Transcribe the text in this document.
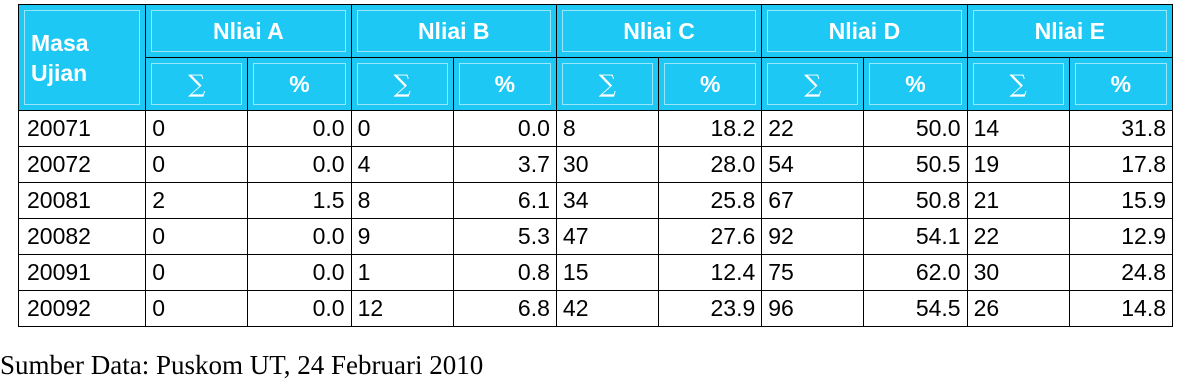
Masa
Ujian	Nliai A		Nliai B		Nliai C		Nliai D		Nliai E	

	∑	%	∑	%	∑	%	∑	%	∑	%

20071	0	0.0	0	0.0	8	18.2	22	50.0	14	31.8
20072	0	0.0	4	3.7	30	28.0	54	50.5	19	17.8
20081	2	1.5	8	6.1	34	25.8	67	50.8	21	15.9
20082	0	0.0	9	5.3	47	27.6	92	54.1	22	12.9
20091	0	0.0	1	0.8	15	12.4	75	62.0	30	24.8
20092	0	0.0	12	6.8	42	23.9	96	54.5	26	14.8
Sumber Data: Puskom UT, 24 Februari 2010
